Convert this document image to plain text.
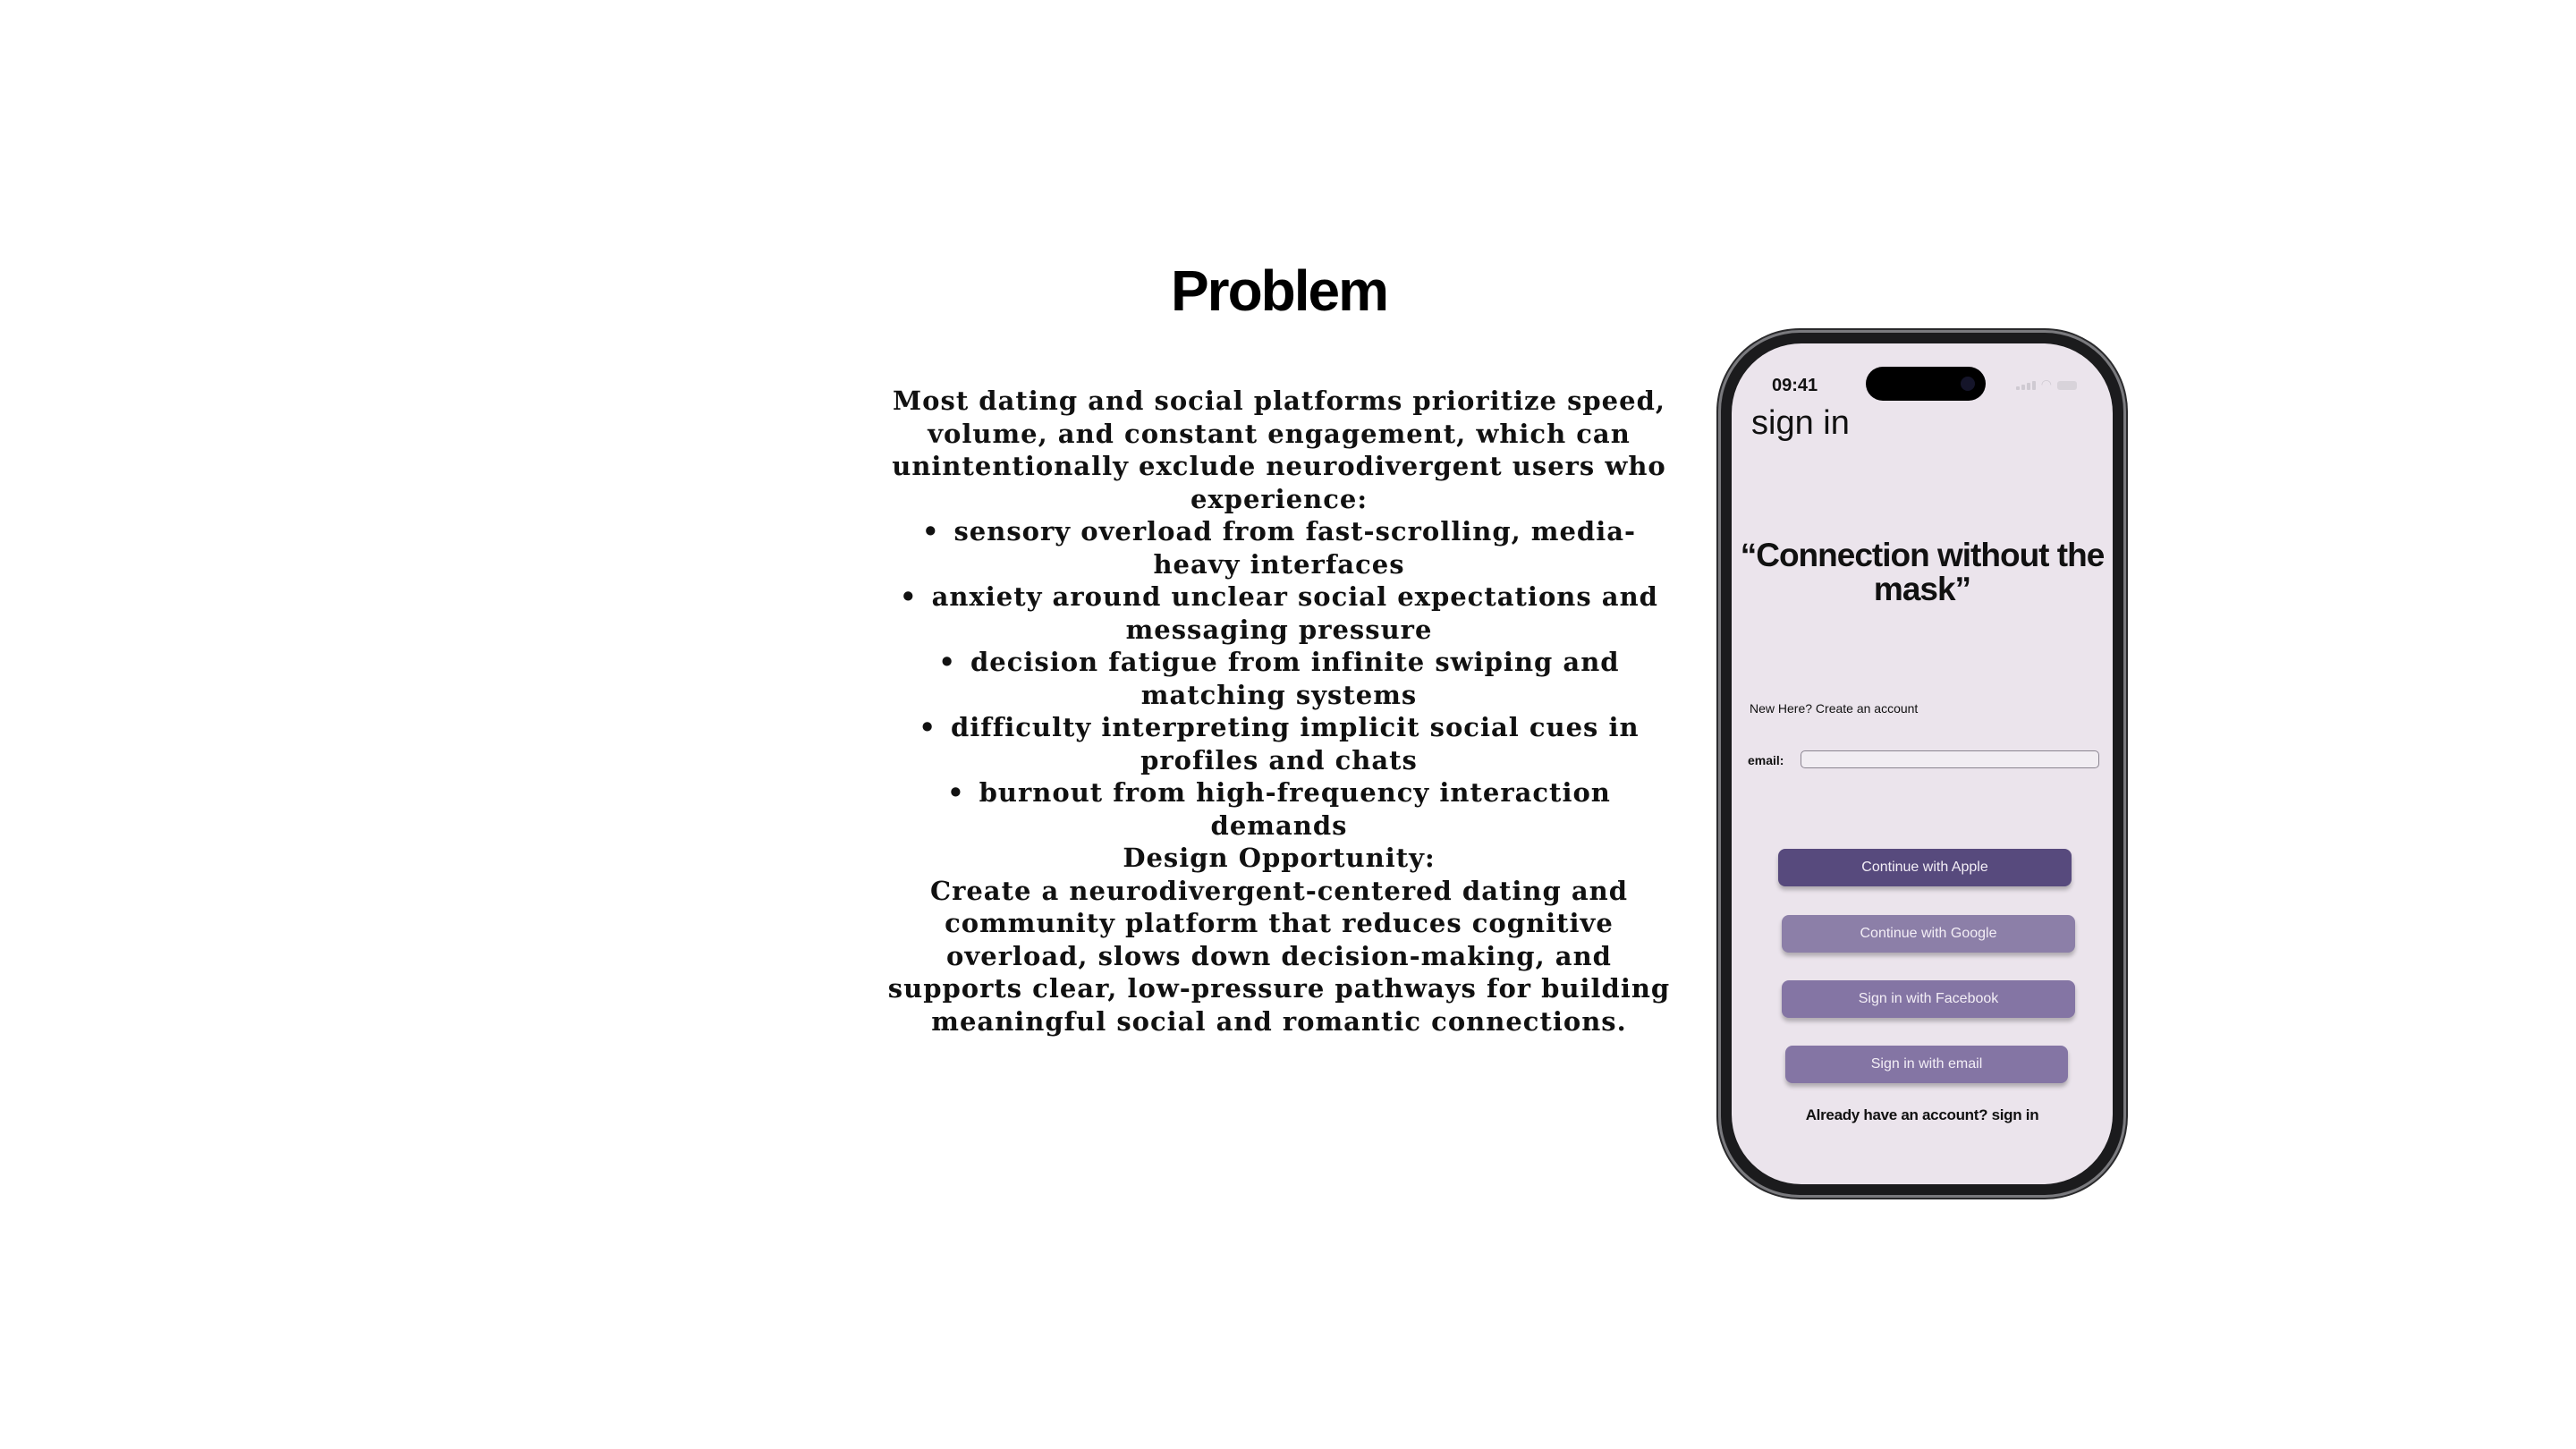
Problem

Most dating and social platforms prioritize speed, volume, and constant engagement, which can unintentionally exclude neurodivergent users who experience:

• sensory overload from fast-scrolling, media-heavy interfaces
• anxiety around unclear social expectations and messaging pressure
• decision fatigue from infinite swiping and matching systems
• difficulty interpreting implicit social cues in profiles and chats
• burnout from high-frequency interaction demands

Design Opportunity:

Create a neurodivergent-centered dating and community platform that reduces cognitive overload, slows down decision-making, and supports clear, low-pressure pathways for building meaningful social and romantic connections.

09:41	◠
sign in
“Connection without the mask”
New Here? Create an account
email:
Continue with Apple
Continue with Google
Sign in with Facebook
Sign in with email
Already have an account? sign in
